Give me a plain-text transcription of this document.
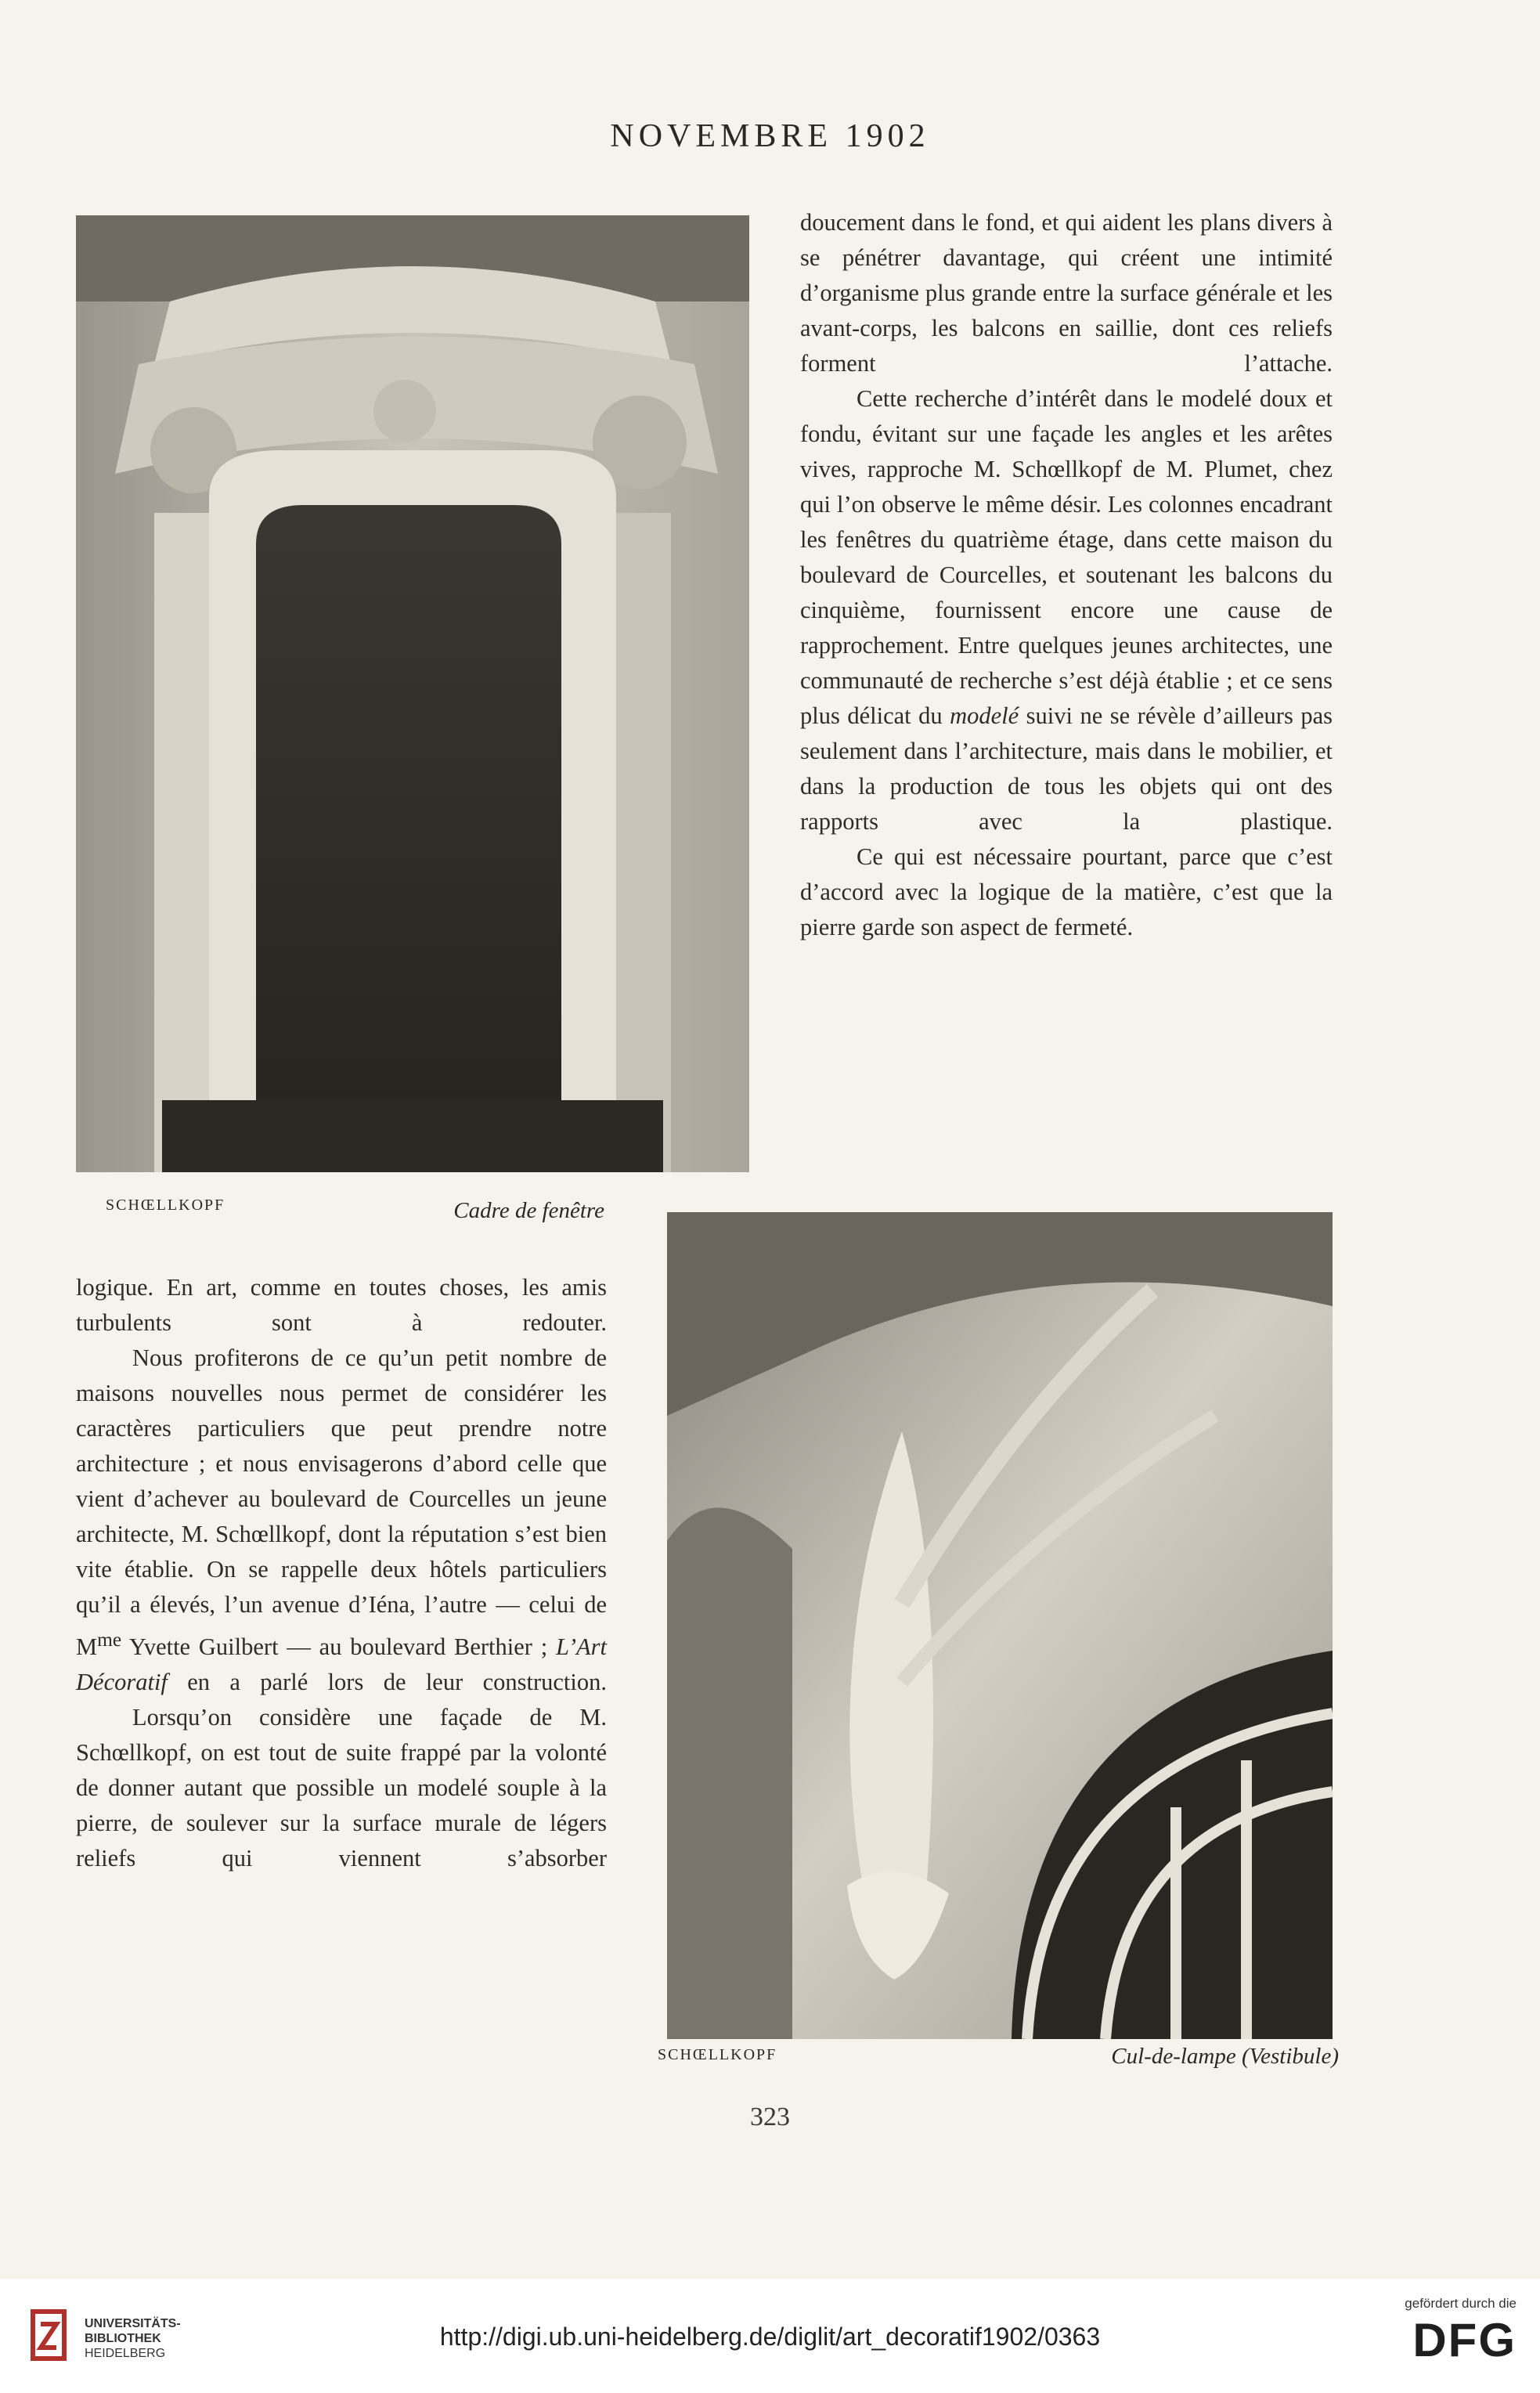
NOVEMBRE 1902
SCHŒLLKOPF	Cadre de fenêtre
SCHŒLLKOPF	Cul-de-lampe (Vestibule)

doucement dans le fond, et qui aident les plans divers à se pénétrer davantage, qui créent une intimité d’organisme plus grande entre la surface générale et les avant-corps, les balcons en saillie, dont ces reliefs forment l’attache.

Cette recherche d’intérêt dans le modelé doux et fondu, évitant sur une façade les angles et les arêtes vives, rapproche M. Schœllkopf de M. Plumet, chez qui l’on observe le même désir. Les colonnes encadrant les fenêtres du quatrième étage, dans cette maison du boulevard de Courcelles, et soutenant les balcons du cinquième, fournissent encore une cause de rapprochement. Entre quelques jeunes architectes, une communauté de recherche s’est déjà établie ; et ce sens plus délicat du modelé suivi ne se révèle d’ailleurs pas seulement dans l’architecture, mais dans le mobilier, et dans la production de tous les objets qui ont des rapports avec la plastique.

Ce qui est nécessaire pourtant, parce que c’est d’accord avec la logique de la matière, c’est que la pierre garde son aspect de fermeté.

logique. En art, comme en toutes choses, les amis turbulents sont à redouter.

Nous profiterons de ce qu’un petit nombre de maisons nouvelles nous permet de considérer les caractères particuliers que peut prendre notre architecture ; et nous envisagerons d’abord celle que vient d’achever au boulevard de Courcelles un jeune architecte, M. Schœllkopf, dont la réputation s’est bien vite établie. On se rappelle deux hôtels particuliers qu’il a élevés, l’un avenue d’Iéna, l’autre — celui de $M^{me}$ Yvette Guilbert — au boulevard Berthier ; L’Art Décoratif en a parlé lors de leur construction.

Lorsqu’on considère une façade de M. Schœllkopf, on est tout de suite frappé par la volonté de donner autant que possible un modelé souple à la pierre, de soulever sur la surface murale de légers reliefs qui viennent s’absorber

323
UNIVERSITÄTS-
BIBLIOTHEK
HEIDELBERG
http://digi.ub.uni-heidelberg.de/diglit/art_decoratif1902/0363
gefördert durch die
DFG
